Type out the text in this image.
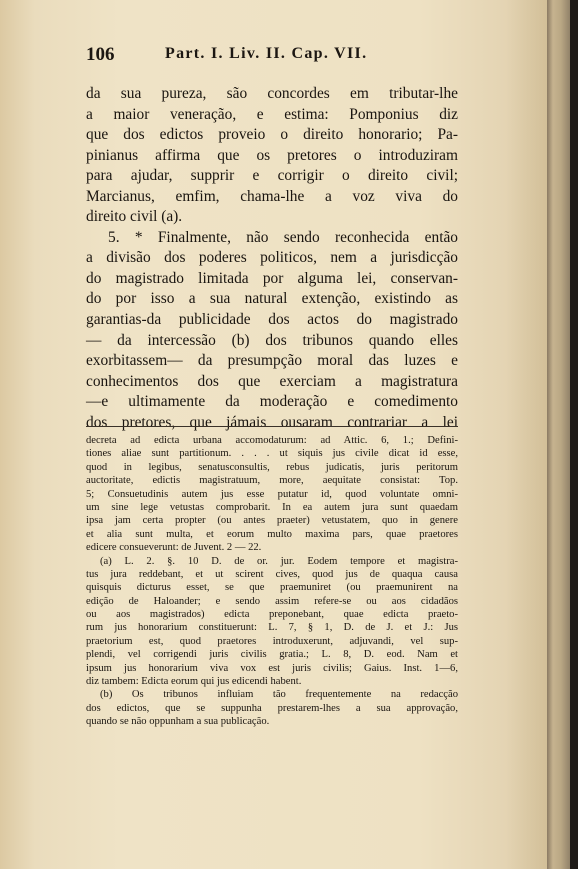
106	Part. I. Liv. II. Cap. VII.
da sua pureza, são concordes em tributar-lhe
a maior veneração, e estima: Pomponius diz
que dos edictos proveio o direito honorario; Pa-
pinianus affirma que os pretores o introduziram
para ajudar, supprir e corrigir o direito civil;
Marcianus, emfim, chama-lhe a voz viva do
direito civil (a).
5. * Finalmente, não sendo reconhecida então
a divisão dos poderes politicos, nem a jurisdicção
do magistrado limitada por alguma lei, conservan-
do por isso a sua natural extenção, existindo as
garantias-da publicidade dos actos do magistrado
— da intercessão (b) dos tribunos quando elles
exorbitassem— da presumpção moral das luzes e
conhecimentos dos que exerciam a magistratura
—e ultimamente da moderação e comedimento
dos pretores, que jámais ousaram contrariar a lei
decreta ad edicta urbana accomodaturum: ad Attic. 6, 1.; Defini-
tiones aliae sunt partitionum. . . . ut siquis jus civile dicat id esse,
quod in legibus, senatusconsultis, rebus judicatis, juris peritorum
auctoritate, edictis magistratuum, more, aequitate consistat: Top.
5; Consuetudinis autem jus esse putatur id, quod voluntate omni-
um sine lege vetustas comprobarit. In ea autem jura sunt quaedam
ipsa jam certa propter (ou antes praeter) vetustatem, quo in genere
et alia sunt multa, et eorum multo maxima pars, quae praetores
edicere consueverunt: de Juvent. 2 — 22.
(a) L. 2. §. 10 D. de or. jur. Eodem tempore et magistra-
tus jura reddebant, et ut scirent cives, quod jus de quaqua causa
quisquis dicturus esset, se que praemuniret (ou praemunirent na
edição de Haloander; e sendo assim refere-se ou aos cidadãos
ou aos magistrados) edicta preponebant, quae edicta praeto-
rum jus honorarium constituerunt: L. 7, § 1, D. de J. et J.: Jus
praetorium est, quod praetores introduxerunt, adjuvandi, vel sup-
plendi, vel corrigendi juris civilis gratia.; L. 8, D. eod. Nam et
ipsum jus honorarium viva vox est juris civilis; Gaius. Inst. 1—6,
diz tambem: Edicta eorum qui jus edicendi habent.
(b) Os tribunos influiam tão frequentemente na redacção
dos edictos, que se suppunha prestarem-lhes a sua approvação,
quando se não oppunham a sua publicação.
